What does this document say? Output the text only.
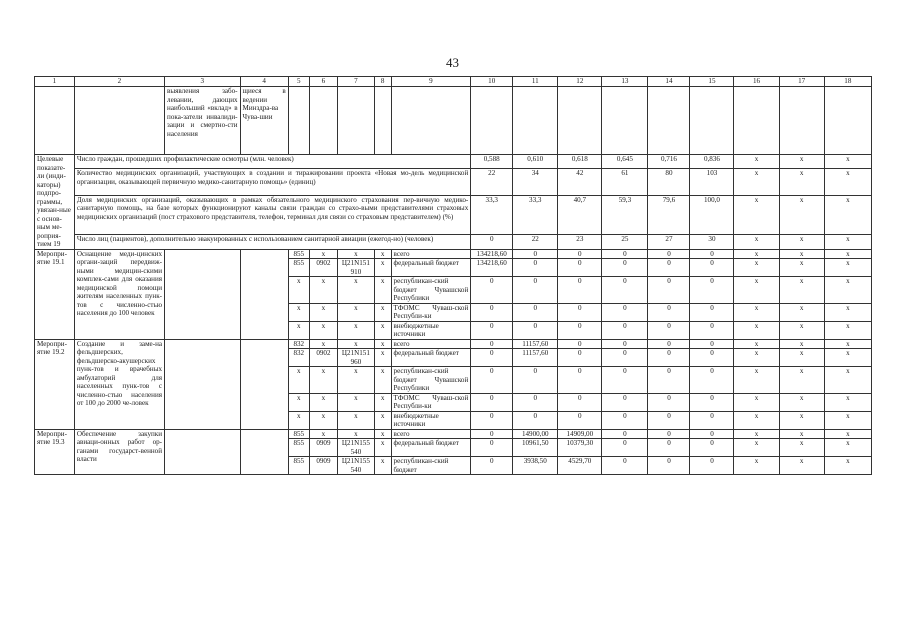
43
1	2	3	4	5	6	7	8	9	10	11	12	13	14	15	16	17	18
		выявления забо-левании, дающих наибольший «вклад» в пока-затели инвалиди-зации и смертно-сти населения	щиеся в ведении Минздра-ва Чува-шии														
Целевые показате-ли (инди-каторы) подпро-граммы, увязан-ные с основ-ным ме-роприя-тием 19	Число граждан, прошедших профилактические осмотры (млн. человек)								0,588	0,610	0,618	0,645	0,716	0,836	x	x	x
	Количество медицинских организаций, участвующих в создании и тиражировании проекта «Новая мо-дель медицинской организации, оказывающей первичную медико-санитарную помощь» (единиц)								22	34	42	61	80	103	x	x	x
	Доля медицинских организаций, оказывающих в рамках обязательного медицинского страхования пер-вичную медико-санитарную помощь, на базе которых функционируют каналы связи граждан со страхо-выми представителями страховых медицинских организаций (пост страхового представителя, телефон, терминал для связи со страховым представителем) (%)								33,3	33,3	40,7	59,3	79,6	100,0	x	x	x
	Число лиц (пациентов), дополнительно эвакуированных с использованием санитарной авиации (ежегод-но) (человек)								0	22	23	25	27	30	x	x	x
Меропри-ятие 19.1	Оснащение меди-цинских органи-заций передвиж-ными медицин-скими комплек-сами для оказания медицинской помощи жителям населенных пунк-тов с численно-стью населения до 100 человек			855	x	x	x	всего	134218,60	0	0	0	0	0	x	x	x
				855	0902	Ц21N151 910	x	федеральный бюджет	134218,60	0	0	0	0	0	x	x	x
				x	x	x	x	республикан-ский бюджет Чувашской Республики	0	0	0	0	0	0	x	x	x
				x	x	x	x	ТФОМС Чуваш-ской Республи-ки	0	0	0	0	0	0	x	x	x
				x	x	x	x	внебюджетные источники	0	0	0	0	0	0	x	x	x
Меропри-ятие 19.2	Создание и заме-на фельдшерских, фельдшерско-акушерских пунк-тов и врачебных амбулаторий для населенных пунк-тов с численно-стью населения от 100 до 2000 че-ловек			832	x	x	x	всего	0	11157,60	0	0	0	0	x	x	x
				832	0902	Ц21N151 960	x	федеральный бюджет	0	11157,60	0	0	0	0	x	x	x
				x	x	x	x	республикан-ский бюджет Чувашской Республики	0	0	0	0	0	0	x	x	x
				x	x	x	x	ТФОМС Чуваш-ской Республи-ки	0	0	0	0	0	0	x	x	x
				x	x	x	x	внебюджетные источники	0	0	0	0	0	0	x	x	x
Меропри-ятие 19.3	Обеспечение закупки авиаци-онных работ ор-ганами государст-венной власти			855	x	x	x	всего	0	14900,00	14909,00	0	0	0	x	x	x
				855	0909	Ц21N155 540	x	федеральный бюджет	0	10961,50	10379,30	0	0	0	x	x	x
				855	0909	Ц21N155 540	x	республикан-ский бюджет	0	3938,50	4529,70	0	0	0	x	x	x
